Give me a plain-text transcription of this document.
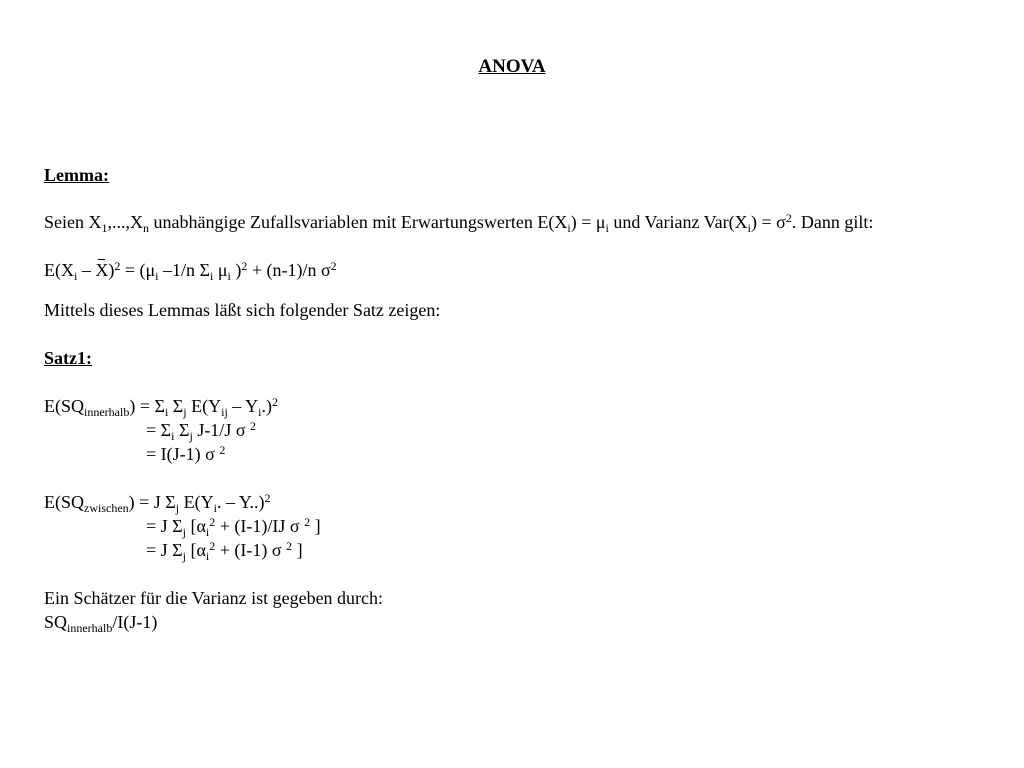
ANOVA
Lemma:
Seien $X_1,...,X_n$ unabhängige Zufallsvariablen mit Erwartungswerten $E(X_i) = \mu_i$ und Varianz $Var(X_i) = \sigma^2$. Dann gilt:
$E(X_i - X)^2 = (\mu_i$ –1/n $\Sigma_i$ $\mu_i$ )$^2$ + (n-1)/n $\sigma^2$
Mittels dieses Lemmas läßt sich folgender Satz zeigen:
Satz1:
$E(SQ_{innerhalb}) = \Sigma_i$ $\Sigma_j$ $E(Y_{ij} - Y_i.)^2$
= $\Sigma_i$ $\Sigma_j$ J-1/J σ $^2$
= I(J-1) σ $^2$
$E(SQ_{zwischen}) = J$ $\Sigma_j$ $E(Y_i$. – Y..)$^2$
= J $\Sigma_j$ [$\alpha_i^2 + (I-1)/IJ$ σ $^2$ ]
= J $\Sigma_j$ [$\alpha_i^2 + (I-1)$ σ $^2$ ]
Ein Schätzer für die Varianz ist gegeben durch:
$SQ_{innerhalb}/I(J-1)$
